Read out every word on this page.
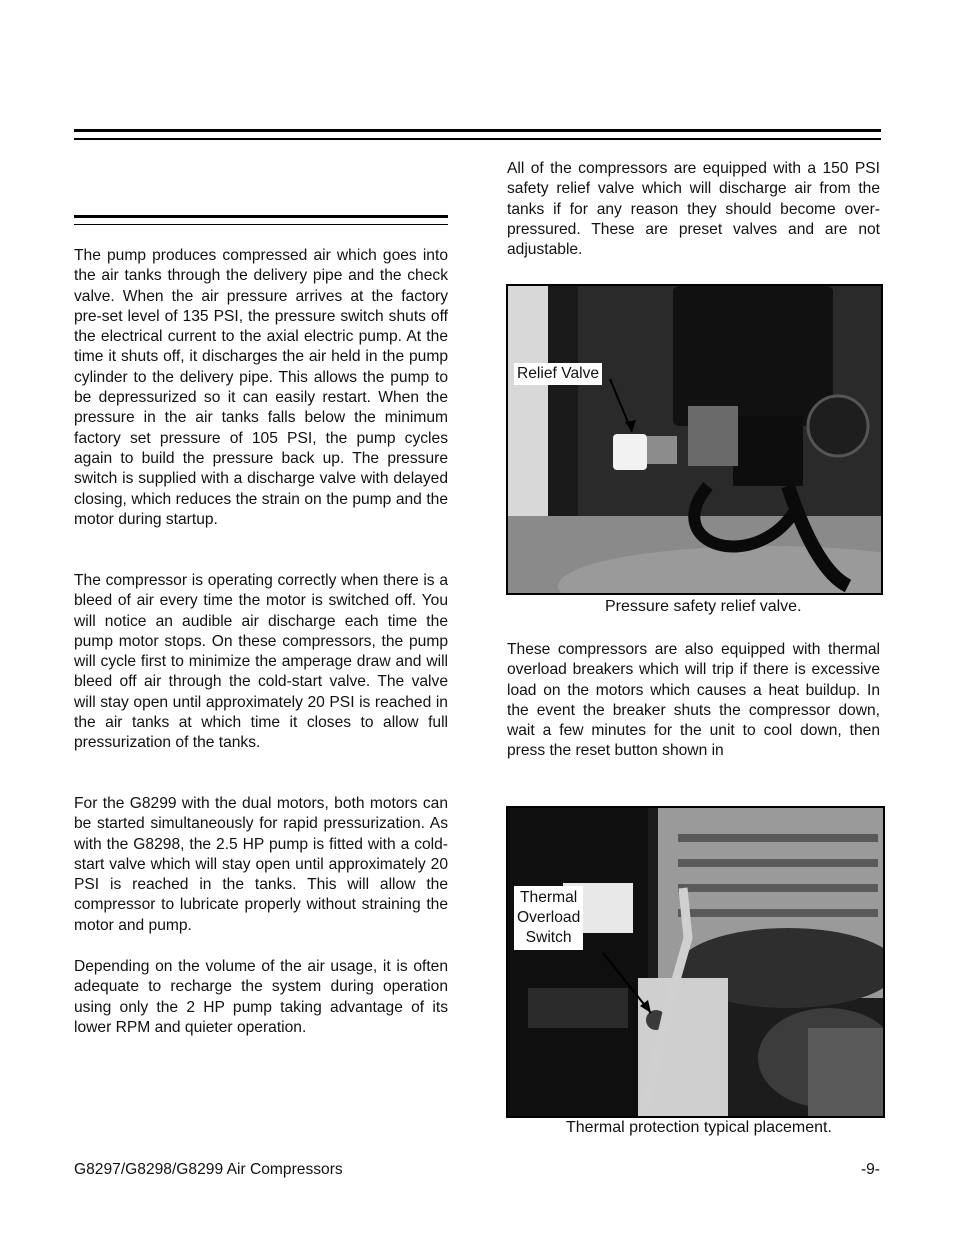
The pump produces compressed air which goes into the air tanks through the delivery pipe and the check valve. When the air pressure arrives at the factory pre-set level of 135 PSI, the pressure switch shuts off the electrical current to the axial electric pump. At the time it shuts off, it discharges the air held in the pump cylinder to the delivery pipe. This allows the pump to be depressurized so it can easily restart. When the pressure in the air tanks falls below the minimum factory set pressure of 105 PSI, the pump cycles again to build the pressure back up. The pressure switch is supplied with a discharge valve with delayed closing, which reduces the strain on the pump and the motor during startup.

The compressor is operating correctly when there is a bleed of air every time the motor is switched off. You will notice an audible air discharge each time the pump motor stops. On these compressors, the pump will cycle first to minimize the amperage draw and will bleed off air through the cold-start valve. The valve will stay open until approximately 20 PSI is reached in the air tanks at which time it closes to allow full pressurization of the tanks.

For the G8299 with the dual motors, both motors can be started simultaneously for rapid pressurization. As with the G8298, the 2.5 HP pump is fitted with a cold-start valve which will stay open until approximately 20 PSI is reached in the tanks. This will allow the compressor to lubricate properly without straining the motor and pump.

Depending on the volume of the air usage, it is often adequate to recharge the system during operation using only the 2 HP pump taking advantage of its lower RPM and quieter operation.

All of the compressors are equipped with a 150 PSI safety relief valve which will discharge air from the tanks if for any reason they should become over-pressured. These are preset valves and are not adjustable.

Relief Valve
Pressure safety relief valve.

These compressors are also equipped with thermal overload breakers which will trip if there is excessive load on the motors which causes a heat buildup. In the event the breaker shuts the compressor down, wait a few minutes for the unit to cool down, then press the reset button shown in

Thermal
Overload
Switch
Thermal protection typical placement.
G8297/G8298/G8299 Air Compressors	-9-
